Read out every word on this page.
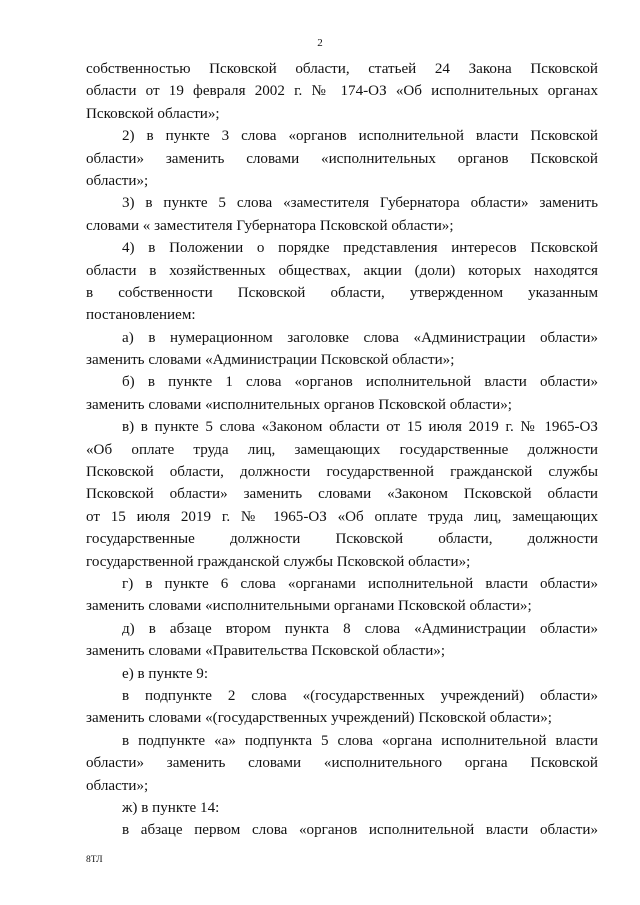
2
собственностью Псковской области, статьей 24 Закона Псковской
области от 19 февраля 2002 г. № 174-ОЗ «Об исполнительных органах
Псковской области»;
2) в пункте 3 слова «органов исполнительной власти Псковской
области» заменить словами «исполнительных органов Псковской
области»;
3) в пункте 5 слова «заместителя Губернатора области» заменить
словами « заместителя Губернатора Псковской области»;
4) в Положении о порядке представления интересов Псковской
области в хозяйственных обществах, акции (доли) которых находятся
в собственности Псковской области, утвержденном указанным
постановлением:
а) в нумерационном заголовке слова «Администрации области»
заменить словами «Администрации Псковской области»;
б) в пункте 1 слова «органов исполнительной власти области»
заменить словами «исполнительных органов Псковской области»;
в) в пункте 5 слова «Законом области от 15 июля 2019 г. № 1965-ОЗ
«Об оплате труда лиц, замещающих государственные должности
Псковской области, должности государственной гражданской службы
Псковской области» заменить словами «Законом Псковской области
от 15 июля 2019 г. № 1965-ОЗ «Об оплате труда лиц, замещающих
государственные должности Псковской области, должности
государственной гражданской службы Псковской области»;
г) в пункте 6 слова «органами исполнительной власти области»
заменить словами «исполнительными органами Псковской области»;
д) в абзаце втором пункта 8 слова «Администрации области»
заменить словами «Правительства Псковской области»;
е) в пункте 9:
в подпункте 2 слова «(государственных учреждений) области»
заменить словами «(государственных учреждений) Псковской области»;
в подпункте «а» подпункта 5 слова «органа исполнительной власти
области» заменить словами «исполнительного органа Псковской
области»;
ж) в пункте 14:
в абзаце первом слова «органов исполнительной власти области»
8ТЛ
